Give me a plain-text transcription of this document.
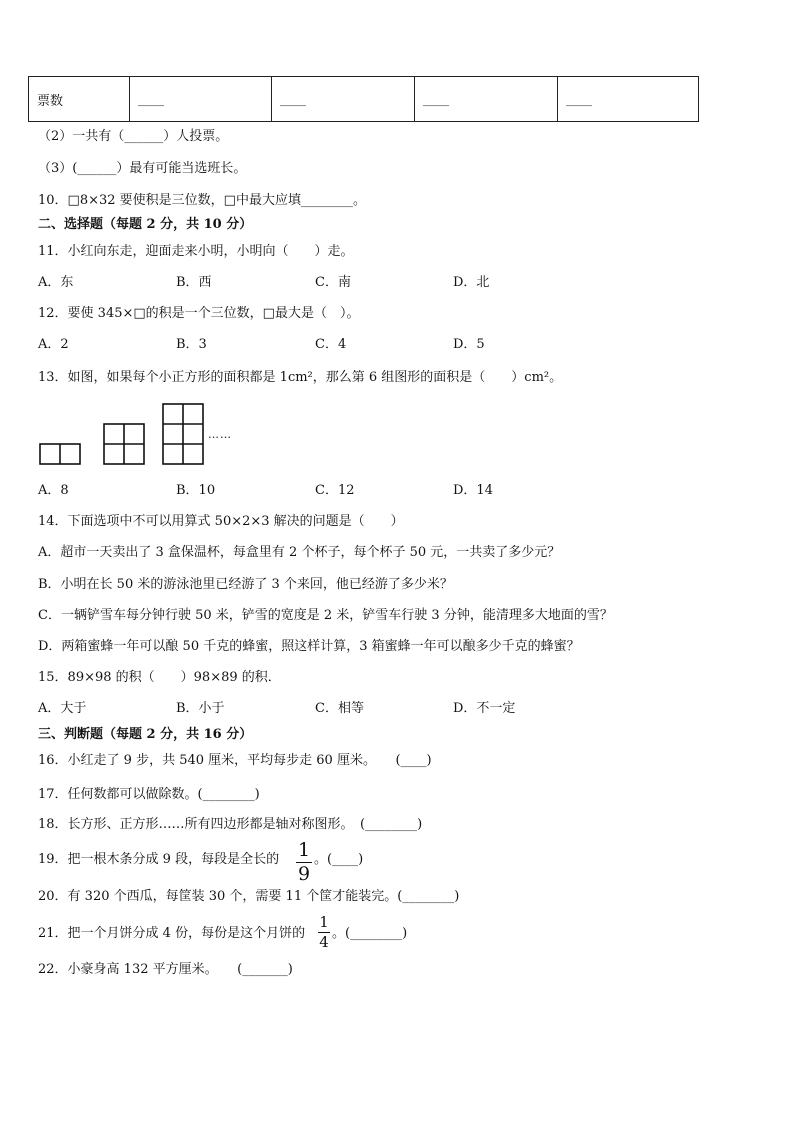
票数	____	____	____	____
（2）一共有（______）人投票。
（3）(______）最有可能当选班长。
10．□8×32 要使积是三位数，□中最大应填________。
二、选择题（每题 2 分，共 10 分）
11．小红向东走，迎面走来小明，小明向（　　）走。
A．东	B．西	C．南	D．北
12．要使 345×□的积是一个三位数，□最大是（　）。
A．2	B．3	C．4	D．5
13．如图，如果每个小正方形的面积都是 1cm²，那么第 6 组图形的面积是（　　）cm²。
……
A．8	B．10	C．12	D．14
14．下面选项中不可以用算式 50×2×3 解决的问题是（　　）
A．超市一天卖出了 3 盒保温杯，每盒里有 2 个杯子，每个杯子 50 元，一共卖了多少元？
B．小明在长 50 米的游泳池里已经游了 3 个来回，他已经游了多少米？
C．一辆铲雪车每分钟行驶 50 米，铲雪的宽度是 2 米，铲雪车行驶 3 分钟，能清理多大地面的雪？
D．两箱蜜蜂一年可以酿 50 千克的蜂蜜，照这样计算，3 箱蜜蜂一年可以酿多少千克的蜂蜜？
15．89×98 的积（　　）98×89 的积．
A．大于	B．小于	C．相等	D．不一定
三、判断题（每题 2 分，共 16 分）
16．小红走了 9 步，共 540 厘米，平均每步走 60 厘米。　　(____)
17．任何数都可以做除数。(________)
18．长方形、正方形……所有四边形都是轴对称图形。　(________)
19．把一根木条分成 9 段，每段是全长的 1
9
。(____)
20．有 320 个西瓜，每筐装 30 个，需要 11 个筐才能装完。(________)
21．把一个月饼分成 4 份，每份是这个月饼的
1
4 。(________)
22．小豪身高 132 平方厘米。　　(_______)
